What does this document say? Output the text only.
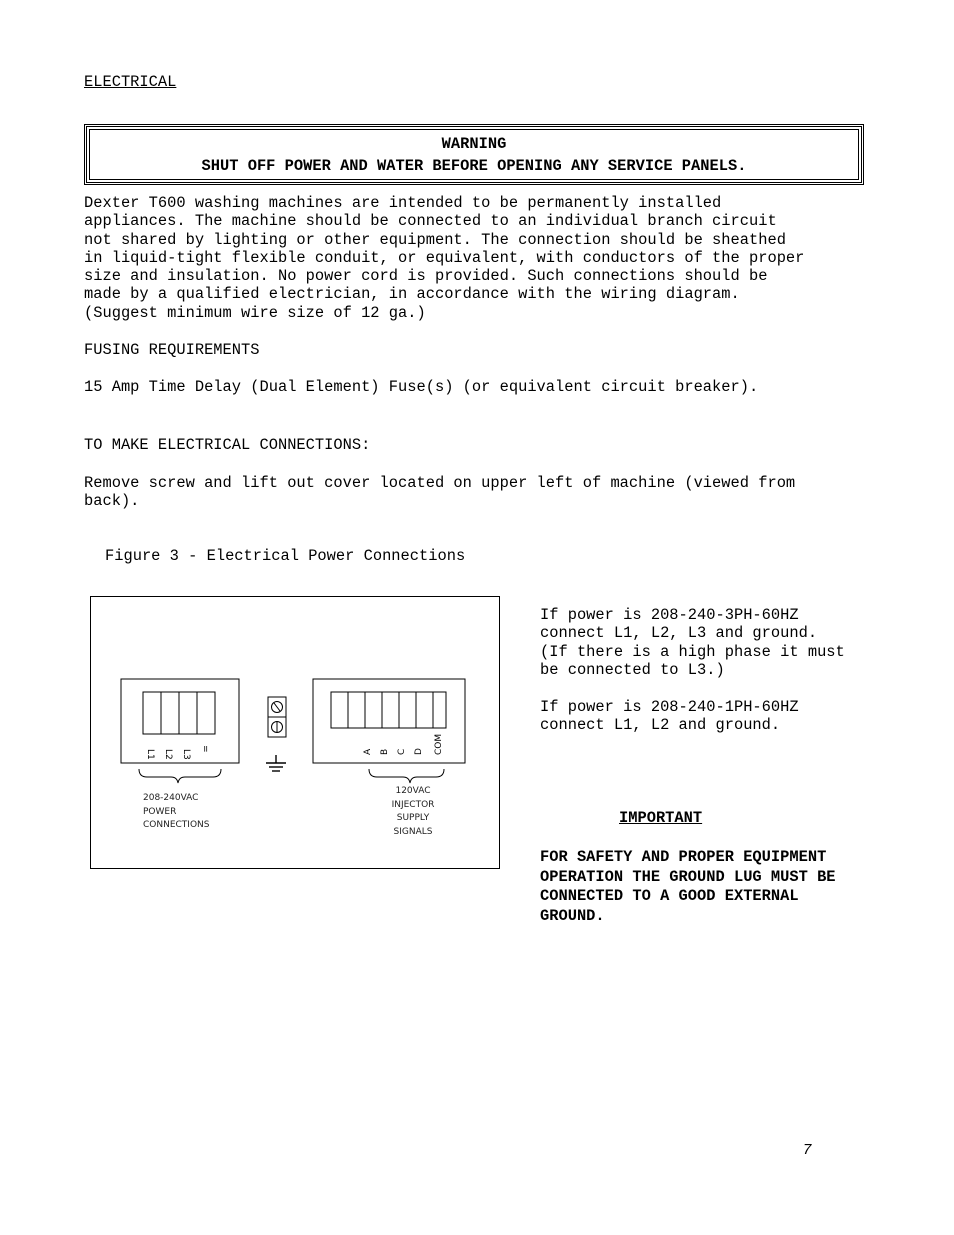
ELECTRICAL
WARNING
SHUT OFF POWER AND WATER BEFORE OPENING ANY SERVICE PANELS.
Dexter T600 washing machines are intended to be permanently installed
appliances. The machine should be connected to an individual branch circuit
not shared by lighting or other equipment. The connection should be sheathed
in liquid-tight flexible conduit, or equivalent, with conductors of the proper
size and insulation. No power cord is provided. Such connections should be
made by a qualified electrician, in accordance with the wiring diagram.
(Suggest minimum wire size of 12 ga.)
FUSING REQUIREMENTS
15 Amp Time Delay (Dual Element) Fuse(s) (or equivalent circuit breaker).
TO MAKE ELECTRICAL CONNECTIONS:
Remove screw and lift out cover located on upper left of machine (viewed from
back).
Figure 3 - Electrical Power Connections
L1 L2 L3
=	A B C D COM
208-240VAC
POWER
CONNECTIONS
120VAC
INJECTOR
SUPPLY
SIGNALS
If power is 208-240-3PH-60HZ
connect L1, L2, L3 and ground.
(If there is a high phase it must
be connected to L3.)
If power is 208-240-1PH-60HZ
connect L1, L2 and ground.
IMPORTANT
FOR SAFETY AND PROPER EQUIPMENT
OPERATION THE GROUND LUG MUST BE
CONNECTED TO A GOOD EXTERNAL
GROUND.
7
